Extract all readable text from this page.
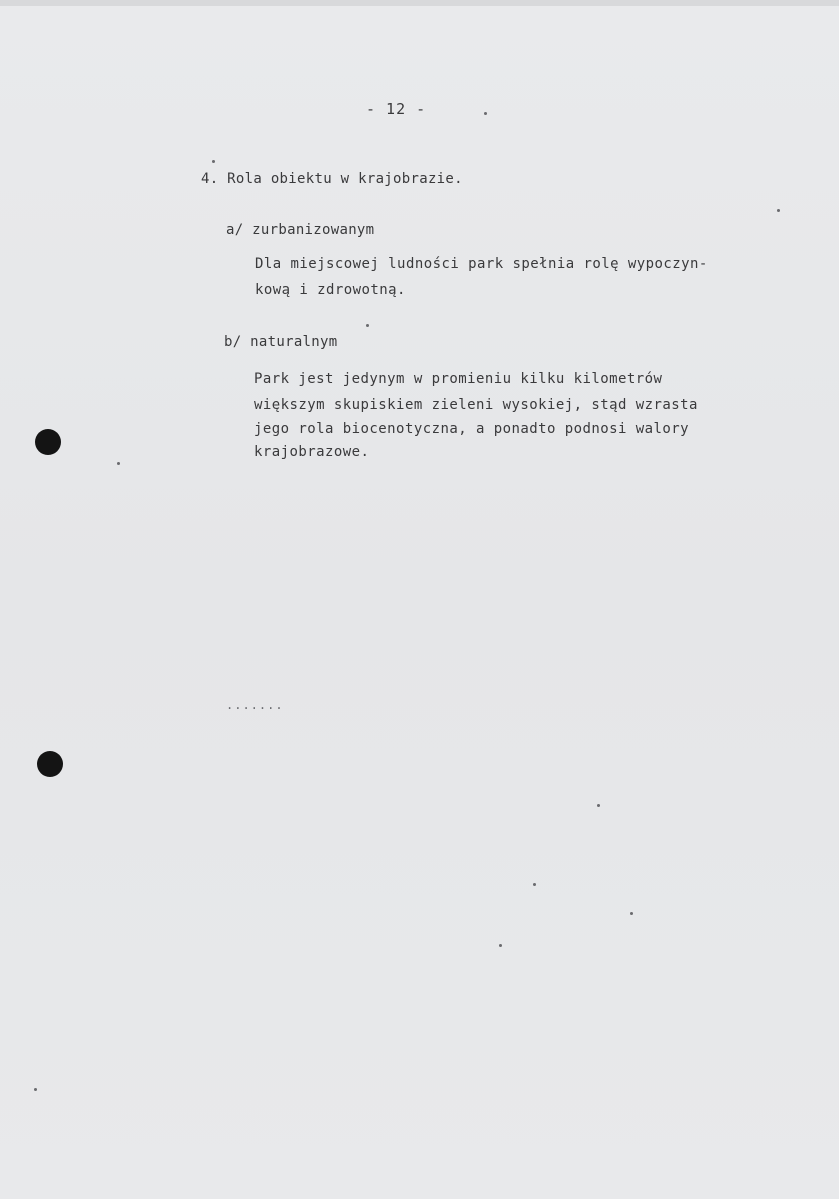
- 12 -
4. Rola obiektu w krajobrazie.
a/ zurbanizowanym
Dla miejscowej ludności park spełnia rolę wypoczyn-
kową i zdrowotną.
b/ naturalnym
Park jest jedynym w promieniu kilku kilometrów
większym skupiskiem zieleni wysokiej, stąd wzrasta
jego rola biocenotyczna, a ponadto podnosi walory
krajobrazowe.
.......
